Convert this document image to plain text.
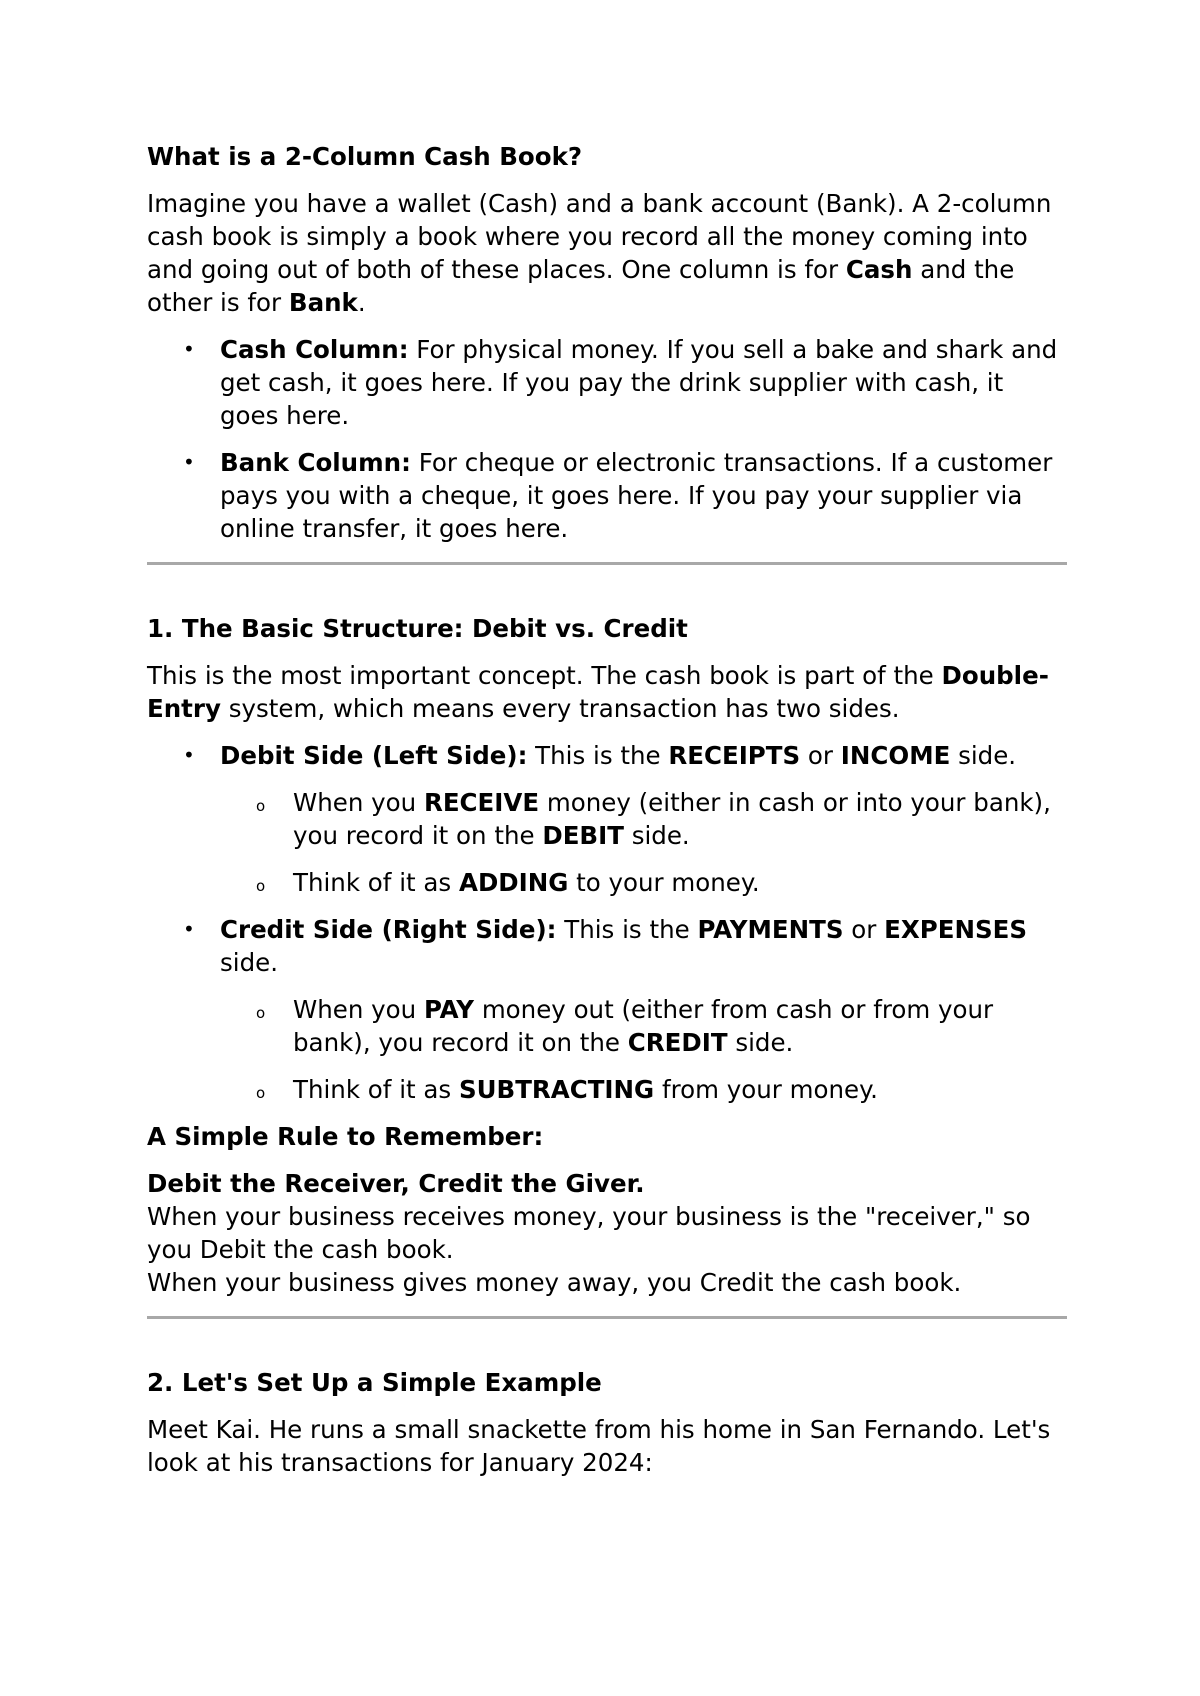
What is a 2-Column Cash Book?

Imagine you have a wallet (Cash) and a bank account (Bank). A 2-column cash book is simply a book where you record all the money coming into and going out of both of these places. One column is for Cash and the other is for Bank.

• Cash Column: For physical money. If you sell a bake and shark and get cash, it goes here. If you pay the drink supplier with cash, it goes here.
• Bank Column: For cheque or electronic transactions. If a customer pays you with a cheque, it goes here. If you pay your supplier via online transfer, it goes here.
1. The Basic Structure: Debit vs. Credit

This is the most important concept. The cash book is part of the Double-Entry system, which means every transaction has two sides.

• Debit Side (Left Side): This is the RECEIPTS or INCOME side.
o When you RECEIVE money (either in cash or into your bank), you record it on the DEBIT side.
o Think of it as ADDING to your money.
• Credit Side (Right Side): This is the PAYMENTS or EXPENSES side.
o When you PAY money out (either from cash or from your bank), you record it on the CREDIT side.
o Think of it as SUBTRACTING from your money.

A Simple Rule to Remember:

Debit the Receiver, Credit the Giver.

When your business receives money, your business is the "receiver," so you Debit the cash book.

When your business gives money away, you Credit the cash book.

2. Let's Set Up a Simple Example

Meet Kai. He runs a small snackette from his home in San Fernando. Let's look at his transactions for January 2024:
